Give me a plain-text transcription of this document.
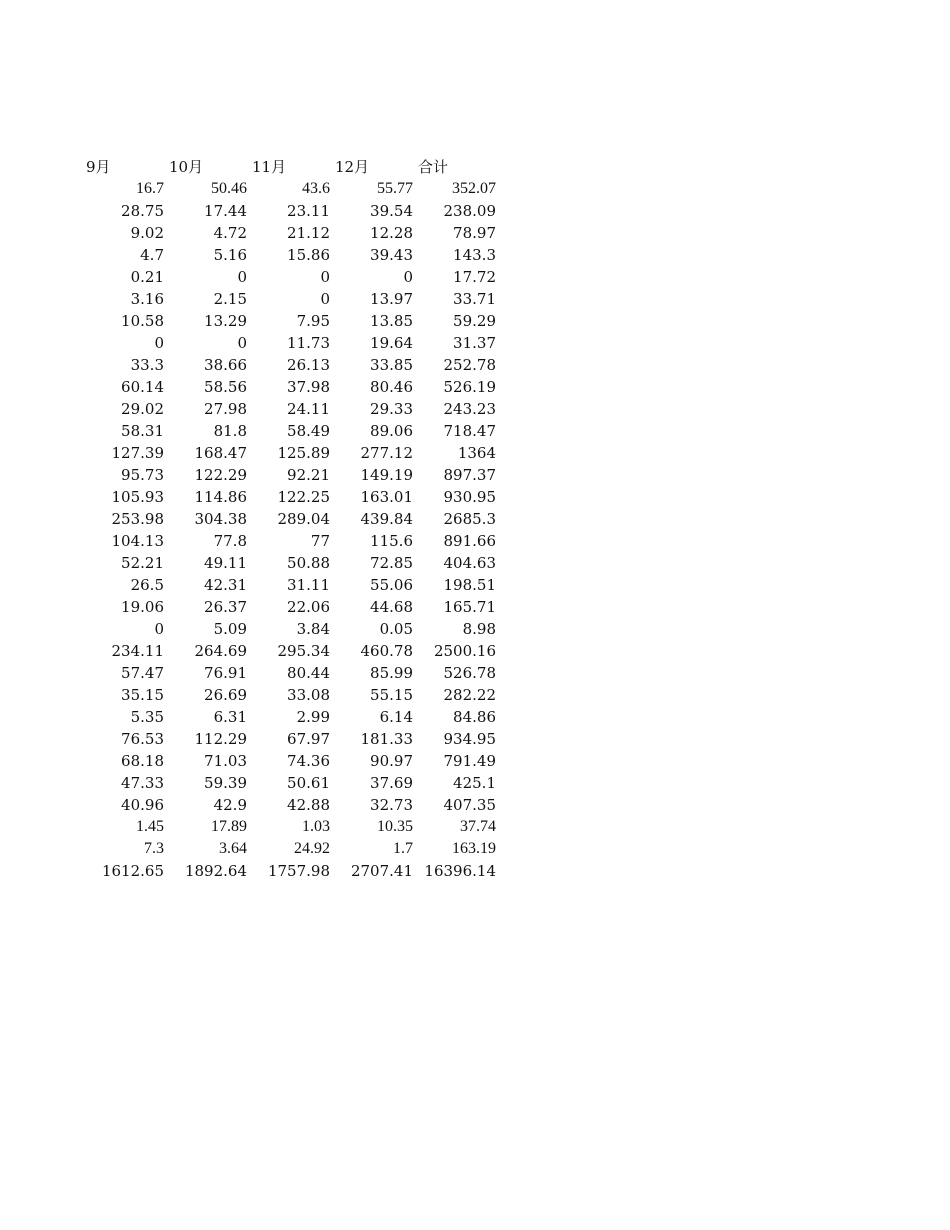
9月	10月	11月	12月	合计
16.7	50.46	43.6	55.77	352.07
28.75	17.44	23.11	39.54	238.09
9.02	4.72	21.12	12.28	78.97
4.7	5.16	15.86	39.43	143.3
0.21	0	0	0	17.72
3.16	2.15	0	13.97	33.71
10.58	13.29	7.95	13.85	59.29
0	0	11.73	19.64	31.37
33.3	38.66	26.13	33.85	252.78
60.14	58.56	37.98	80.46	526.19
29.02	27.98	24.11	29.33	243.23
58.31	81.8	58.49	89.06	718.47
127.39	168.47	125.89	277.12	1364
95.73	122.29	92.21	149.19	897.37
105.93	114.86	122.25	163.01	930.95
253.98	304.38	289.04	439.84	2685.3
104.13	77.8	77	115.6	891.66
52.21	49.11	50.88	72.85	404.63
26.5	42.31	31.11	55.06	198.51
19.06	26.37	22.06	44.68	165.71
0	5.09	3.84	0.05	8.98
234.11	264.69	295.34	460.78	2500.16
57.47	76.91	80.44	85.99	526.78
35.15	26.69	33.08	55.15	282.22
5.35	6.31	2.99	6.14	84.86
76.53	112.29	67.97	181.33	934.95
68.18	71.03	74.36	90.97	791.49
47.33	59.39	50.61	37.69	425.1
40.96	42.9	42.88	32.73	407.35
1.45	17.89	1.03	10.35	37.74
7.3	3.64	24.92	1.7	163.19
1612.65	1892.64	1757.98	2707.41	16396.14
